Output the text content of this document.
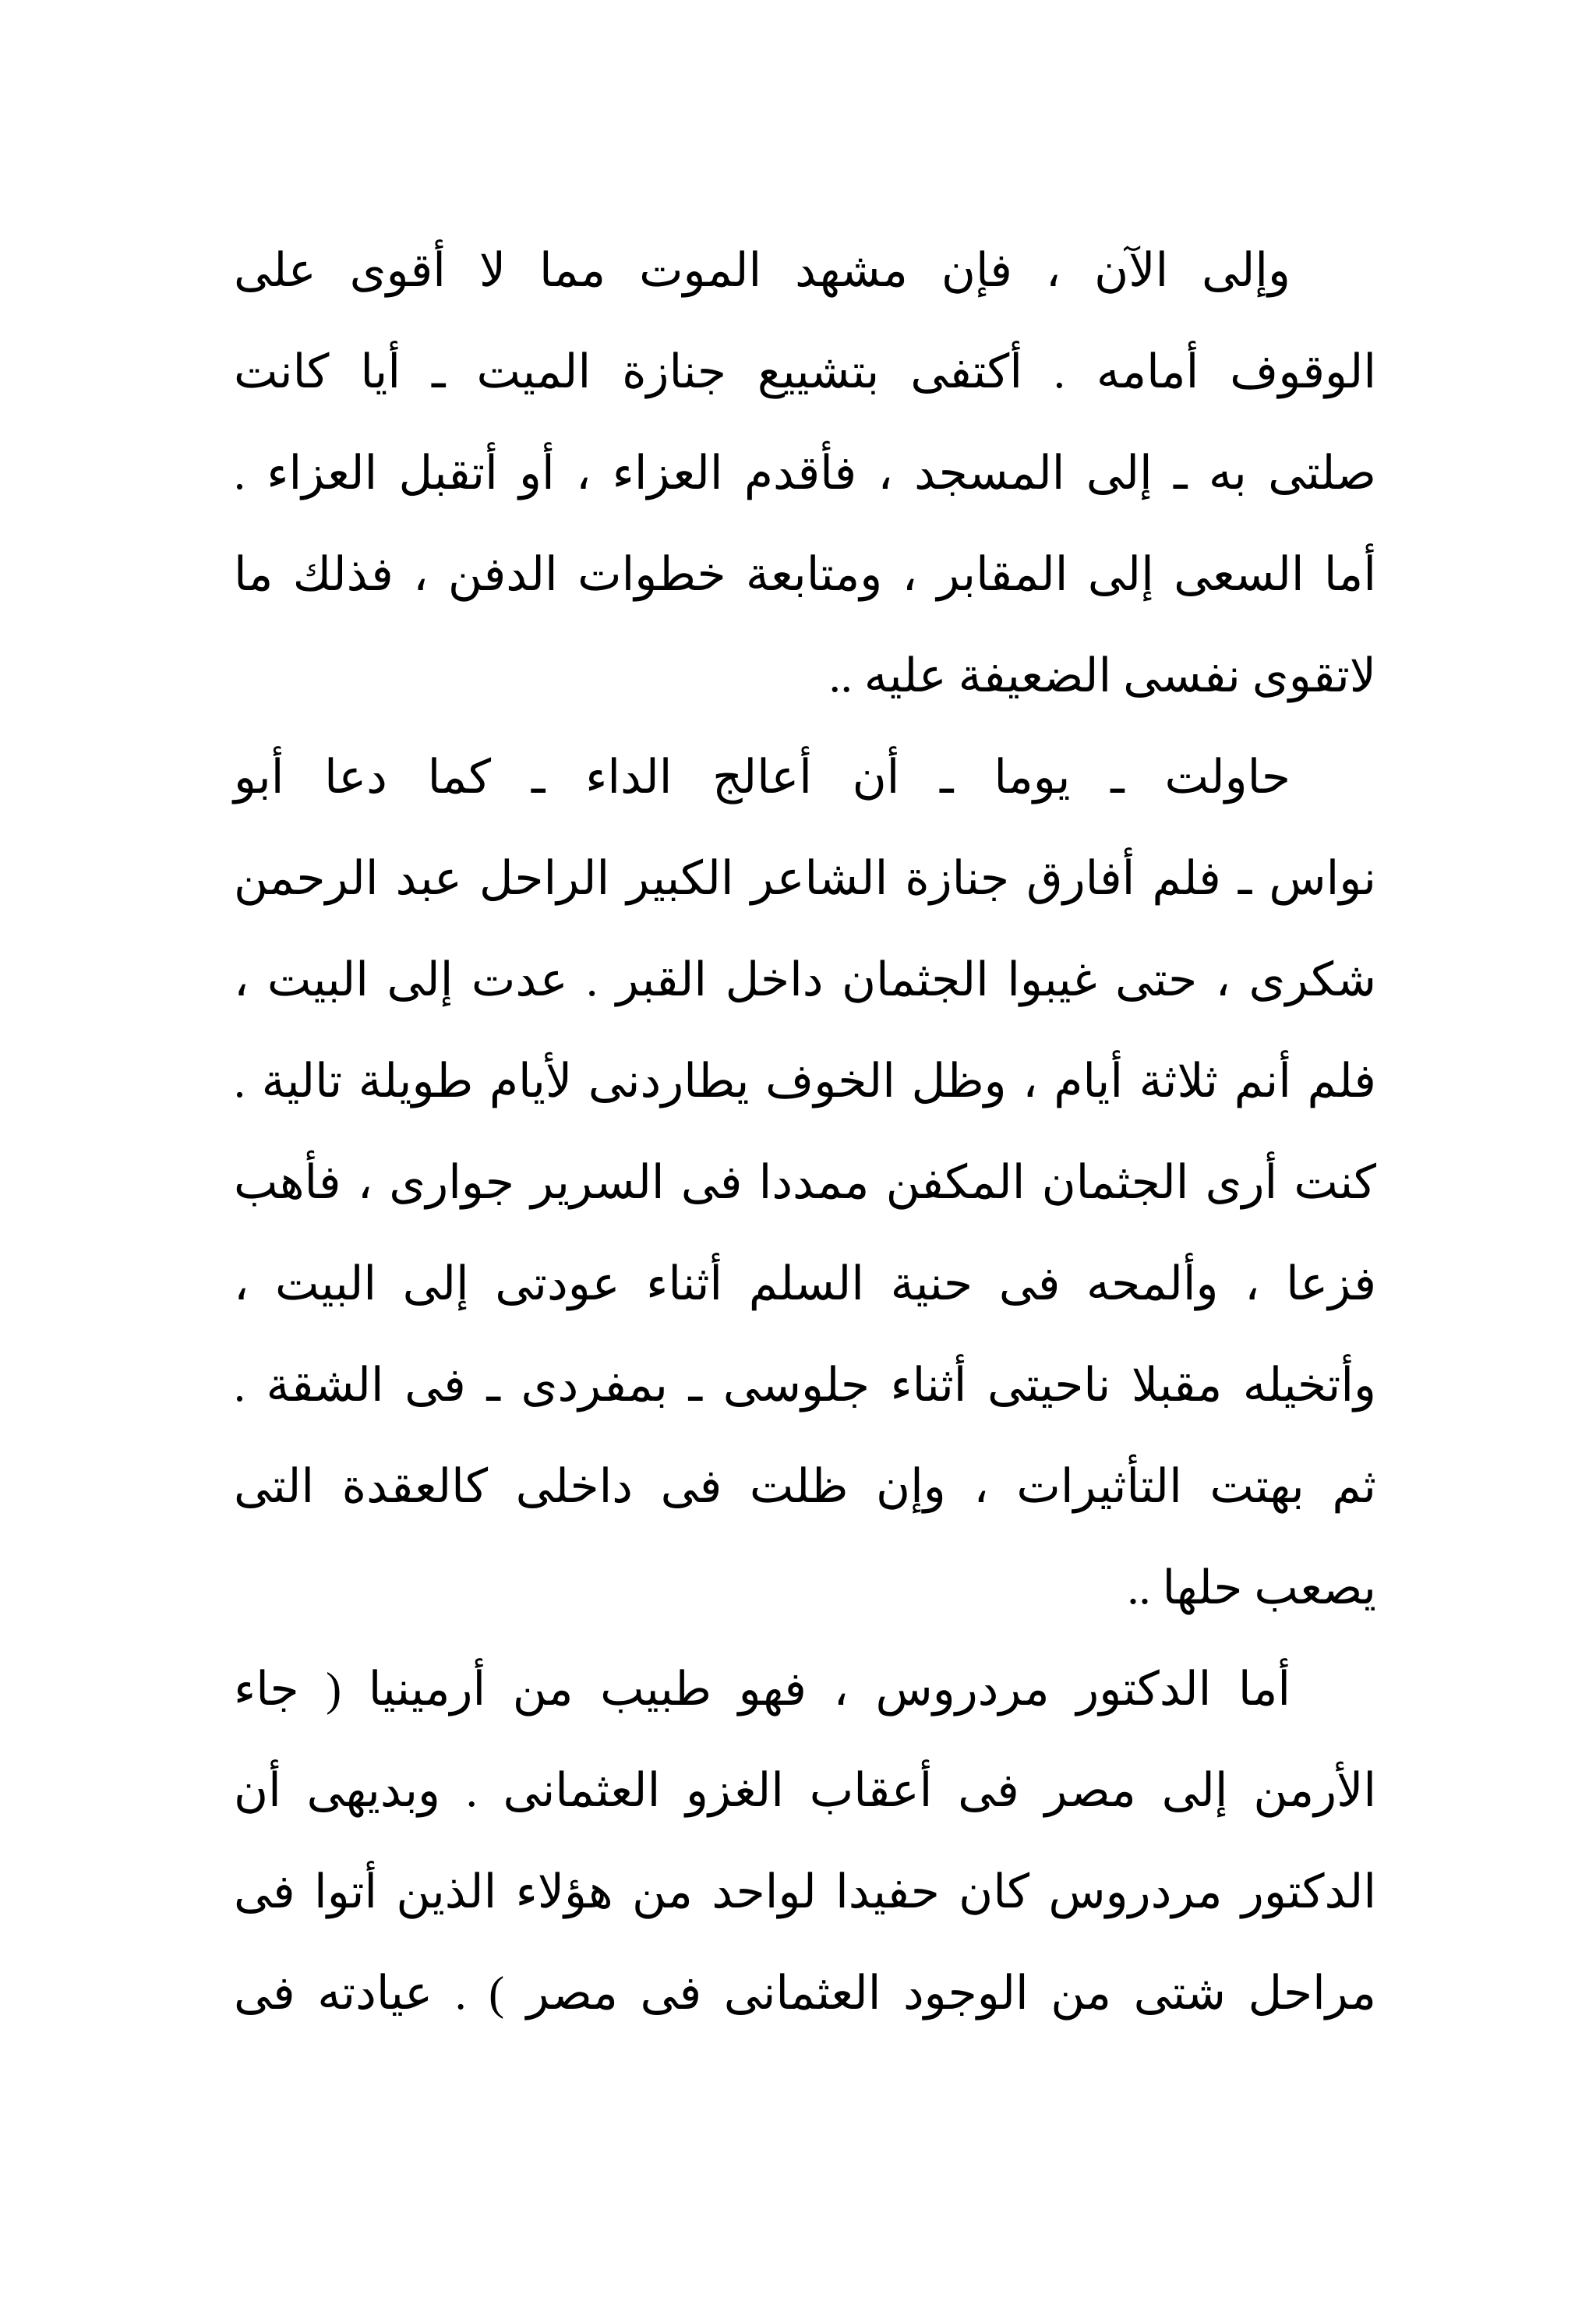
وإلى الآن ، فإن مشهد الموت مما لا أقوى على
الوقوف أمامه . أكتفى بتشييع جنازة الميت ـ أيا كانت
صلتى به ـ إلى المسجد ، فأقدم العزاء ، أو أتقبل العزاء .
أما السعى إلى المقابر ، ومتابعة خطوات الدفن ، فذلك ما
لاتقوى نفسى الضعيفة عليه ..
حاولت ـ يوما ـ أن أعالج الداء ـ كما دعا أبو
نواس ـ فلم أفارق جنازة الشاعر الكبير الراحل عبد الرحمن
شكرى ، حتى غيبوا الجثمان داخل القبر . عدت إلى البيت ،
فلم أنم ثلاثة أيام ، وظل الخوف يطاردنى لأيام طويلة تالية .
كنت أرى الجثمان المكفن ممددا فى السرير جوارى ، فأهب
فزعا ، وألمحه فى حنية السلم أثناء عودتى إلى البيت ،
وأتخيله مقبلا ناحيتى أثناء جلوسى ـ بمفردى ـ فى الشقة .
ثم بهتت التأثيرات ، وإن ظلت فى داخلى كالعقدة التى
يصعب حلها ..
أما الدكتور مردروس ، فهو طبيب من أرمينيا ( جاء
الأرمن إلى مصر فى أعقاب الغزو العثمانى . وبديهى أن
الدكتور مردروس كان حفيدا لواحد من هؤلاء الذين أتوا فى
مراحل شتى من الوجود العثمانى فى مصر ) . عيادته فى
